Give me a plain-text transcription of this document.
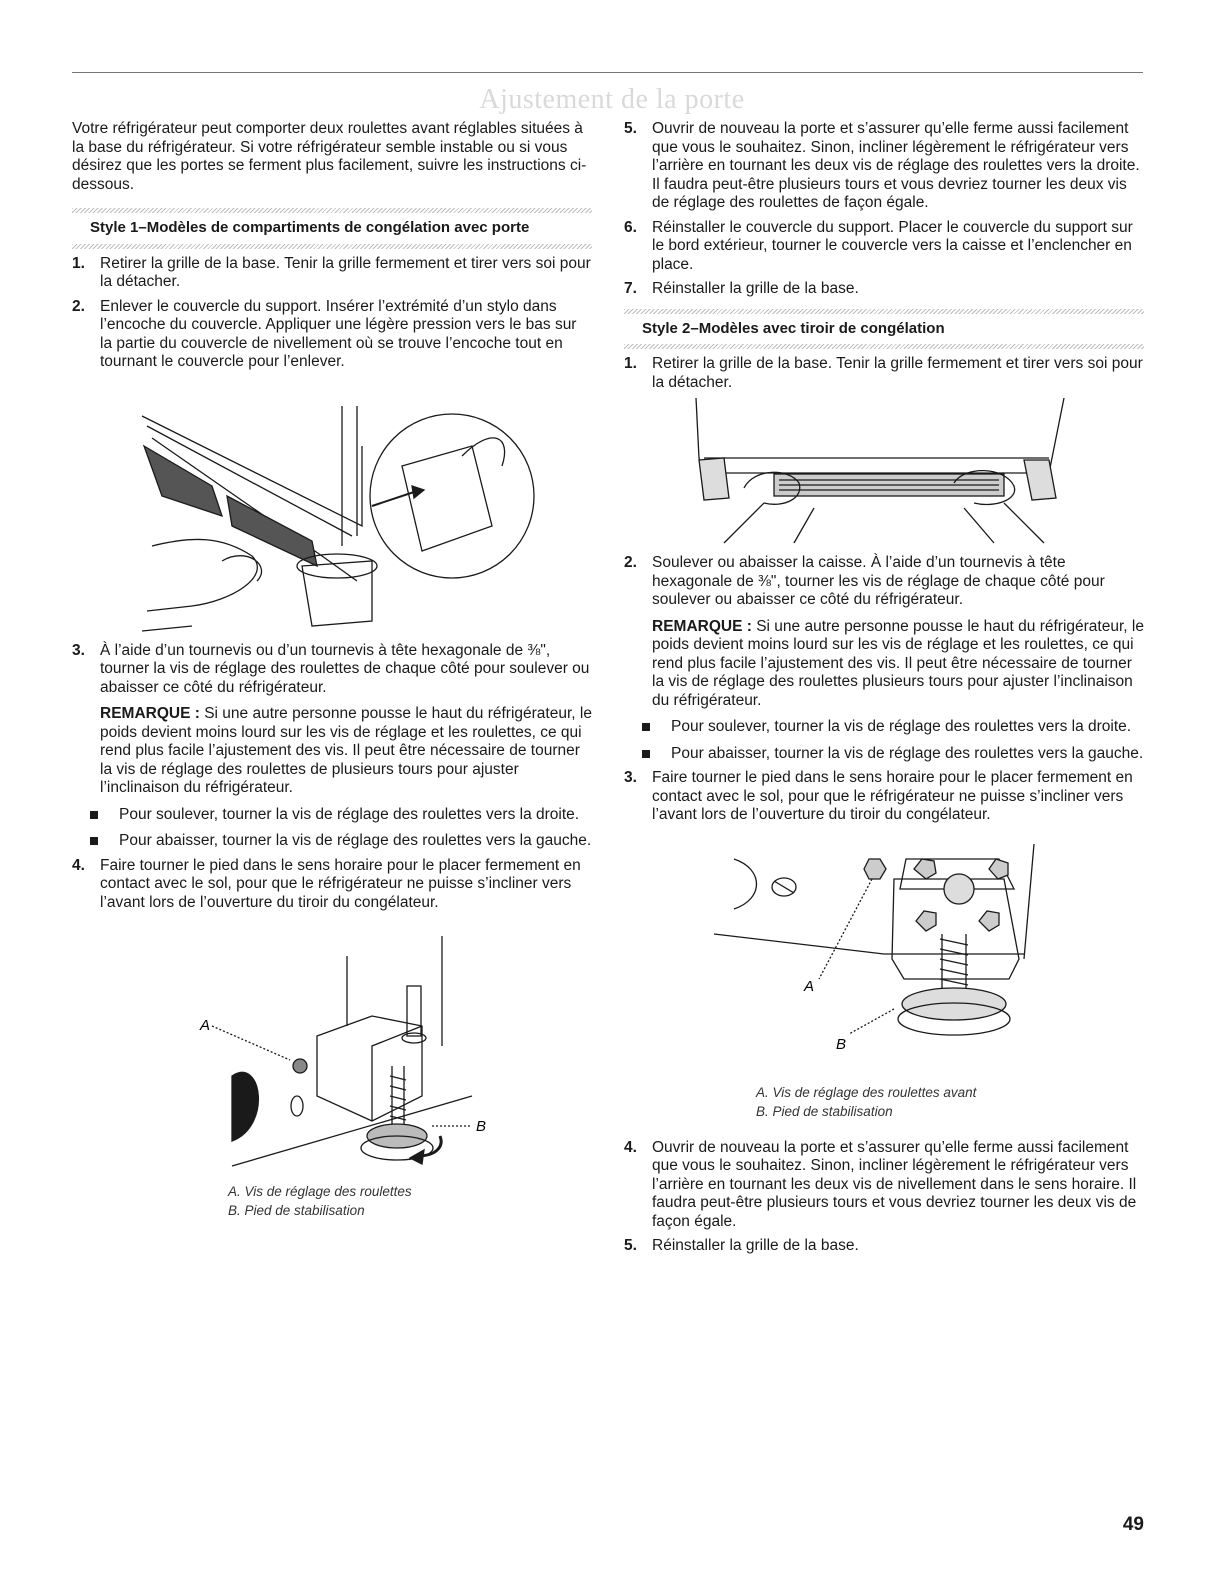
Ajustement de la porte

Votre réfrigérateur peut comporter deux roulettes avant réglables situées à la base du réfrigérateur. Si votre réfrigérateur semble instable ou si vous désirez que les portes se ferment plus facilement, suivre les instructions ci-dessous.

Style 1–Modèles de compartiments de congélation avec porte
1. Retirer la grille de la base. Tenir la grille fermement et tirer vers soi pour la détacher.
2. Enlever le couvercle du support. Insérer l’extrémité d’un stylo dans l’encoche du couvercle. Appliquer une légère pression vers le bas sur la partie du couvercle de nivellement où se trouve l’encoche tout en tournant le couvercle pour l’enlever.
3. À l’aide d’un tournevis ou d’un tournevis à tête hexagonale de ⅜", tourner la vis de réglage des roulettes de chaque côté pour soulever ou abaisser ce côté du réfrigérateur.

REMARQUE : Si une autre personne pousse le haut du réfrigérateur, le poids devient moins lourd sur les vis de réglage et les roulettes, ce qui rend plus facile l’ajustement des vis. Il peut être nécessaire de tourner la vis de réglage des roulettes de plusieurs tours pour ajuster l’inclinaison du réfrigérateur.

Pour soulever, tourner la vis de réglage des roulettes vers la droite.
Pour abaisser, tourner la vis de réglage des roulettes vers la gauche.
4. Faire tourner le pied dans le sens horaire pour le placer fermement en contact avec le sol, pour que le réfrigérateur ne puisse s’incliner vers l’avant lors de l’ouverture du tiroir du congélateur.
A
B
A. Vis de réglage des roulettes
B. Pied de stabilisation
5. Ouvrir de nouveau la porte et s’assurer qu’elle ferme aussi facilement que vous le souhaitez. Sinon, incliner légèrement le réfrigérateur vers l’arrière en tournant les deux vis de réglage des roulettes vers la droite. Il faudra peut-être plusieurs tours et vous devriez tourner les deux vis de réglage des roulettes de façon égale.
6. Réinstaller le couvercle du support. Placer le couvercle du support sur le bord extérieur, tourner le couvercle vers la caisse et l’enclencher en place.
7. Réinstaller la grille de la base.
Style 2–Modèles avec tiroir de congélation
1. Retirer la grille de la base. Tenir la grille fermement et tirer vers soi pour la détacher.
2. Soulever ou abaisser la caisse. À l’aide d’un tournevis à tête hexagonale de ⅜", tourner les vis de réglage de chaque côté pour soulever ou abaisser ce côté du réfrigérateur.

REMARQUE : Si une autre personne pousse le haut du réfrigérateur, le poids devient moins lourd sur les vis de réglage et les roulettes, ce qui rend plus facile l’ajustement des vis. Il peut être nécessaire de tourner la vis de réglage des roulettes plusieurs tours pour ajuster l’inclinaison du réfrigérateur.

Pour soulever, tourner la vis de réglage des roulettes vers la droite.
Pour abaisser, tourner la vis de réglage des roulettes vers la gauche.
3. Faire tourner le pied dans le sens horaire pour le placer fermement en contact avec le sol, pour que le réfrigérateur ne puisse s’incliner vers l’avant lors de l’ouverture du tiroir du congélateur.
A
B
A. Vis de réglage des roulettes avant
B. Pied de stabilisation
4. Ouvrir de nouveau la porte et s’assurer qu’elle ferme aussi facilement que vous le souhaitez. Sinon, incliner légèrement le réfrigérateur vers l’arrière en tournant les deux vis de nivellement dans le sens horaire. Il faudra peut-être plusieurs tours et vous devriez tourner les deux vis de façon égale.
5. Réinstaller la grille de la base.
49
